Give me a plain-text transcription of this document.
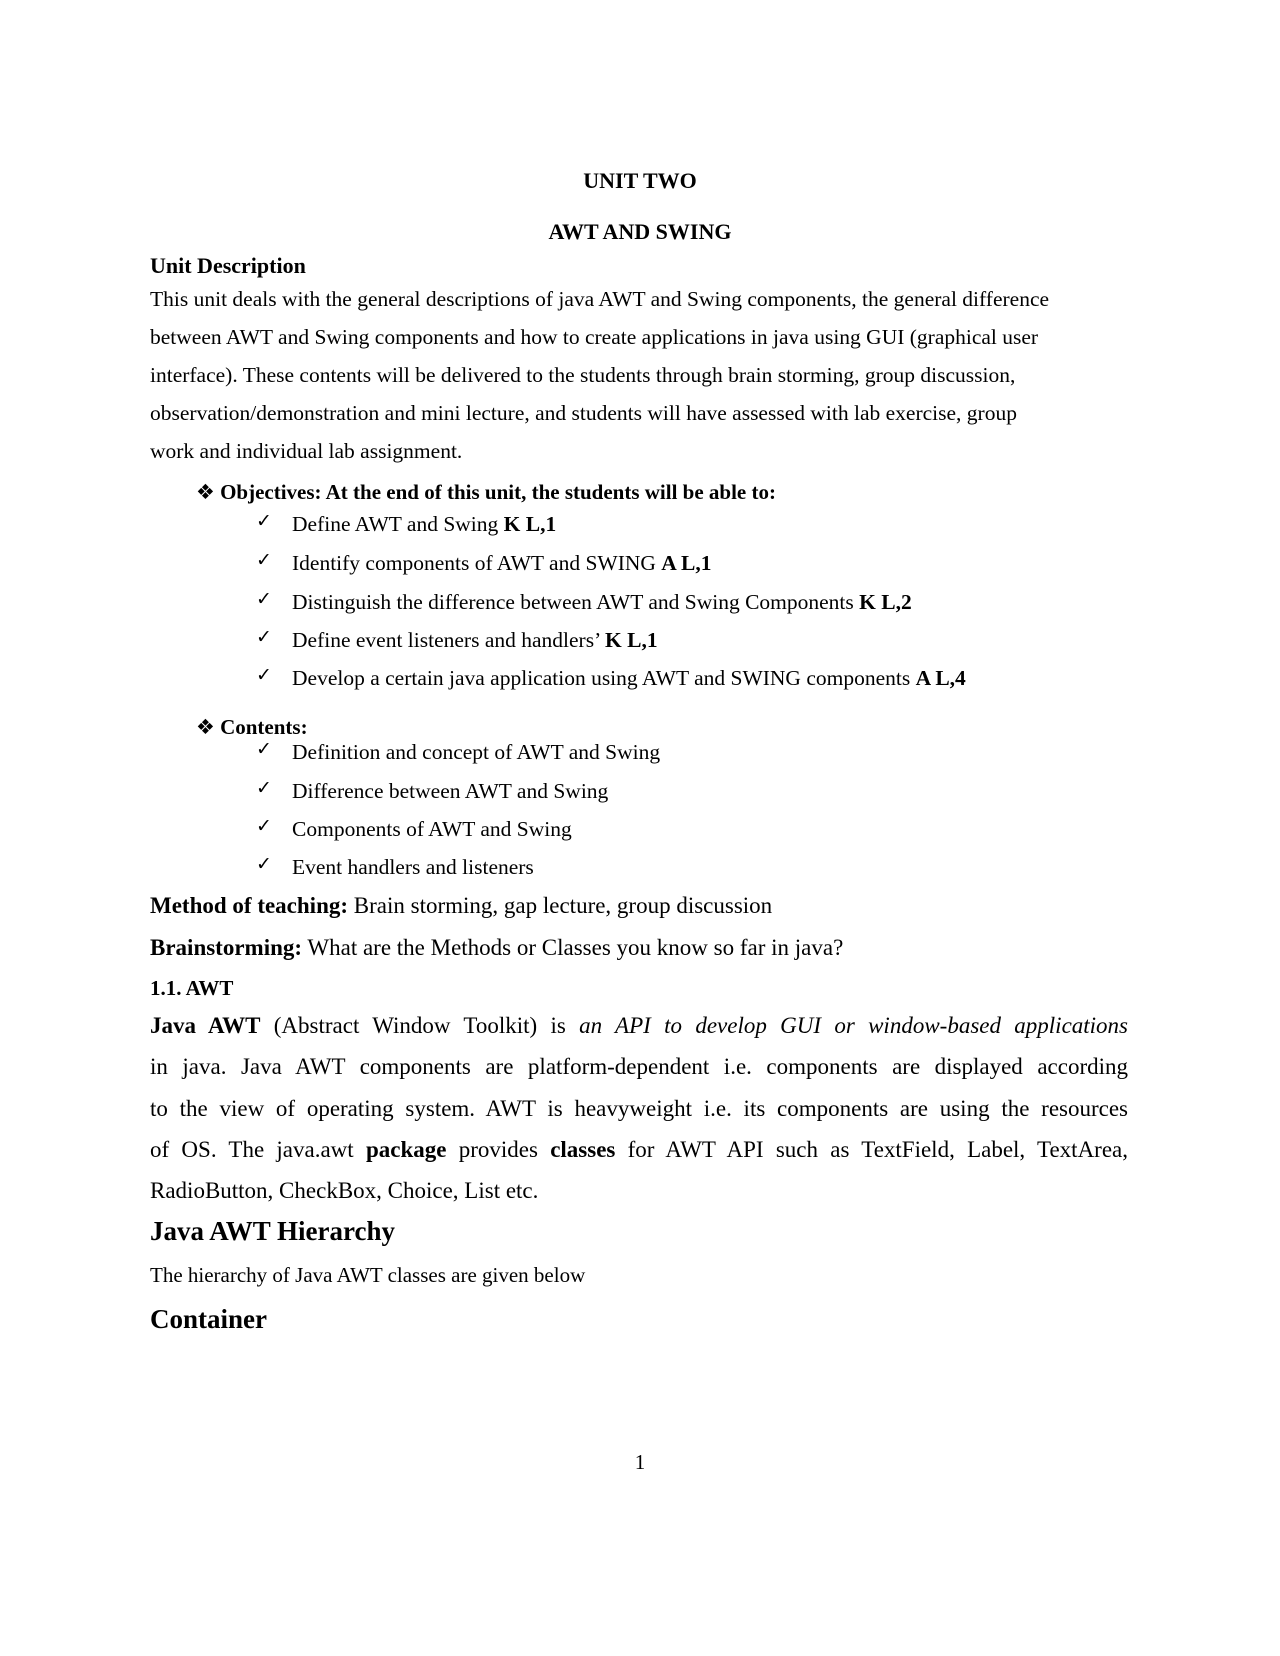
UNIT TWO
AWT AND SWING
Unit Description
This unit deals with the general descriptions of java AWT and Swing components, the general difference
between AWT and Swing components and how to create applications in java using GUI (graphical user
interface). These contents will be delivered to the students through brain storming, group discussion,
observation/demonstration and mini lecture, and students will have assessed with lab exercise, group
work and individual lab assignment.
❖ Objectives: At the end of this unit, the students will be able to:
✓ Define AWT and Swing K L,1
✓ Identify components of AWT and SWING A L,1
✓ Distinguish the difference between AWT and Swing Components K L,2
✓ Define event listeners and handlers’ K L,1
✓ Develop a certain java application using AWT and SWING components A L,4
❖ Contents:
✓ Definition and concept of AWT and Swing
✓ Difference between AWT and Swing
✓ Components of AWT and Swing
✓ Event handlers and listeners
Method of teaching: Brain storming, gap lecture, group discussion
Brainstorming: What are the Methods or Classes you know so far in java?
1.1. AWT
Java AWT (Abstract Window Toolkit) is an API to develop GUI or window-based applications
in java. Java AWT components are platform-dependent i.e. components are displayed according
to the view of operating system. AWT is heavyweight i.e. its components are using the resources
of OS. The java.awt package provides classes for AWT API such as TextField, Label, TextArea,
RadioButton, CheckBox, Choice, List etc.
Java AWT Hierarchy
The hierarchy of Java AWT classes are given below
Container
1
